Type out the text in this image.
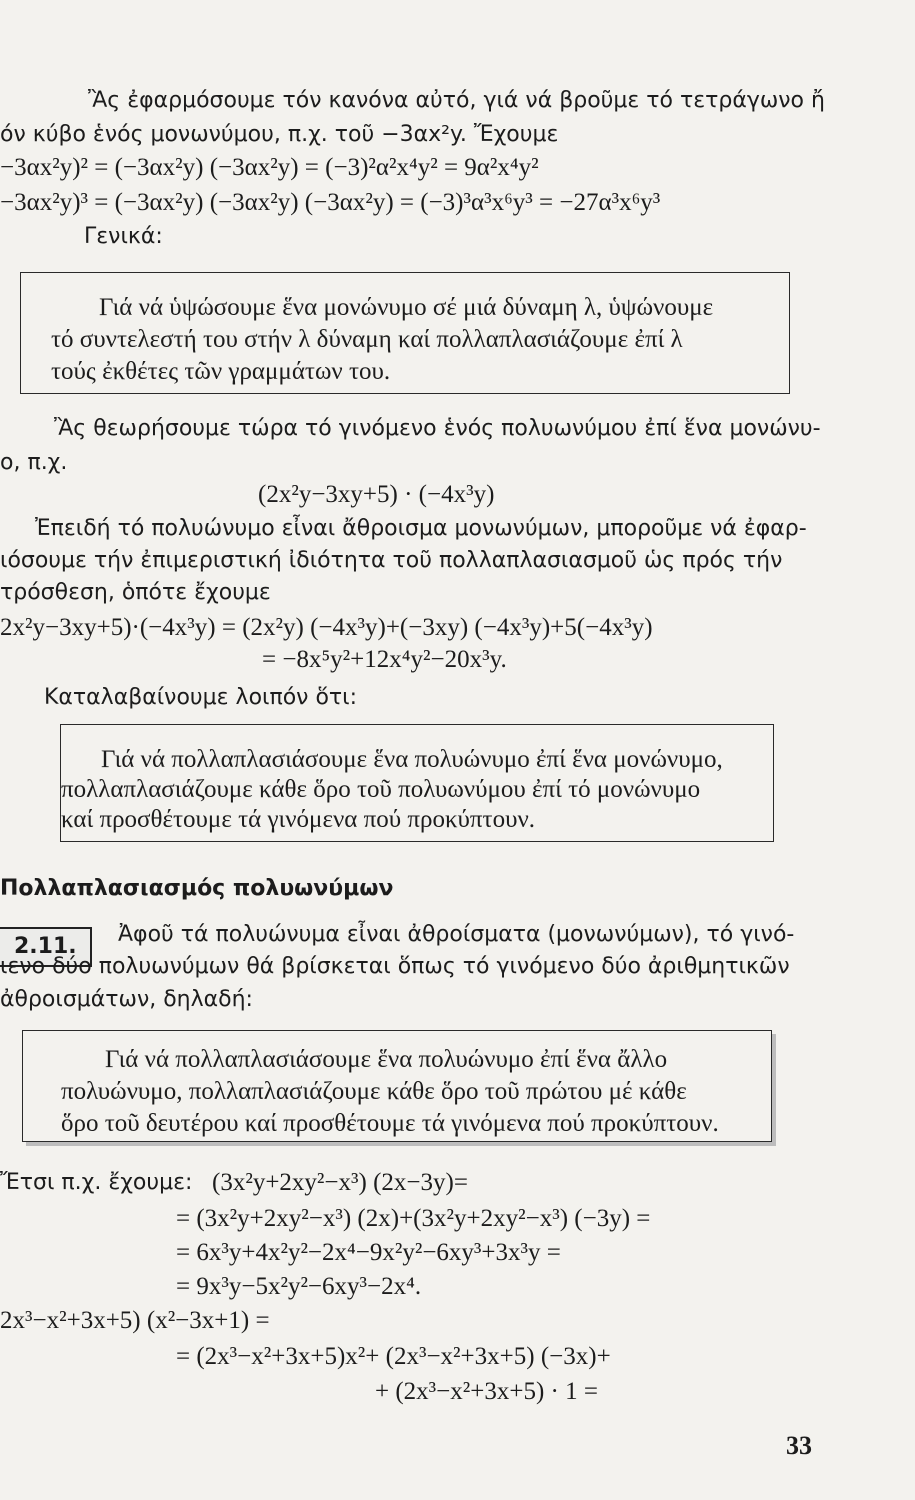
Ἂς ἐφαρμόσουμε τόν κανόνα αὐτό, γιά νά βροῦμε τό τετράγωνο ἤ
όν κύβο ἑνός μονωνύμου, π.χ. τοῦ −3αx²y. Ἔχουμε
−3αx²y)² = (−3αx²y) (−3αx²y) = (−3)²α²x⁴y² = 9α²x⁴y²
−3αx²y)³ = (−3αx²y) (−3αx²y) (−3αx²y) = (−3)³α³x⁶y³ = −27α³x⁶y³
Γενικά:
Γιά νά ὑψώσουμε ἕνα μονώνυμο σέ μιά δύναμη λ, ὑψώνουμε
τό συντελεστή του στήν λ δύναμη καί πολλαπλασιάζουμε ἐπί λ
τούς ἐκθέτες τῶν γραμμάτων του.
Ἂς θεωρήσουμε τώρα τό γινόμενο ἑνός πολυωνύμου ἐπί ἕνα μονώνυ-
ο, π.χ.
(2x²y−3xy+5) · (−4x³y)
Ἐπειδή τό πολυώνυμο εἶναι ἄθροισμα μονωνύμων, μποροῦμε νά ἐφαρ-
ιόσουμε τήν ἐπιμεριστική ἰδιότητα τοῦ πολλαπλασιασμοῦ ὡς πρός τήν
τρόσθεση, ὁπότε ἔχουμε
2x²y−3xy+5)·(−4x³y) = (2x²y) (−4x³y)+(−3xy) (−4x³y)+5(−4x³y)
= −8x⁵y²+12x⁴y²−20x³y.
Καταλαβαίνουμε λοιπόν ὅτι:
Γιά νά πολλαπλασιάσουμε ἕνα πολυώνυμο ἐπί ἕνα μονώνυμο,
πολλαπλασιάζουμε κάθε ὅρο τοῦ πολυωνύμου ἐπί τό μονώνυμο
καί προσθέτουμε τά γινόμενα πού προκύπτουν.
Πολλαπλασιασμός πολυωνύμων
2.11. Ἀφοῦ τά πολυώνυμα εἶναι ἀθροίσματα (μονωνύμων), τό γινό-
ιενο δύο πολυωνύμων θά βρίσκεται ὅπως τό γινόμενο δύο ἀριθμητικῶν
ἀθροισμάτων, δηλαδή:
Γιά νά πολλαπλασιάσουμε ἕνα πολυώνυμο ἐπί ἕνα ἄλλο
πολυώνυμο, πολλαπλασιάζουμε κάθε ὅρο τοῦ πρώτου μέ κάθε
ὅρο τοῦ δευτέρου καί προσθέτουμε τά γινόμενα πού προκύπτουν.
Ἔτσι π.χ. ἔχουμε: (3x²y+2xy²−x³) (2x−3y)=
= (3x²y+2xy²−x³) (2x)+(3x²y+2xy²−x³) (−3y) =
= 6x³y+4x²y²−2x⁴−9x²y²−6xy³+3x³y =
= 9x³y−5x²y²−6xy³−2x⁴.
2x³−x²+3x+5) (x²−3x+1) =
= (2x³−x²+3x+5)x²+ (2x³−x²+3x+5) (−3x)+
+ (2x³−x²+3x+5) · 1 =
33
